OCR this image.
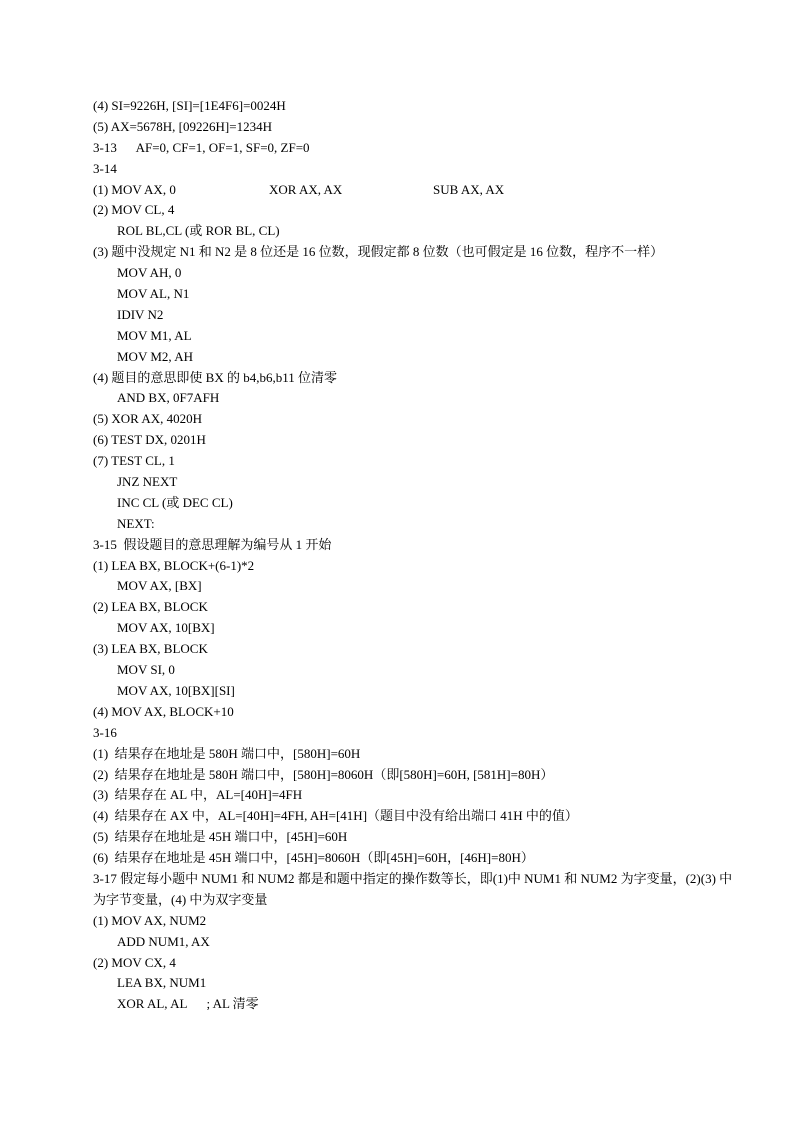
(4) SI=9226H, [SI]=[1E4F6]=0024H
(5) AX=5678H, [09226H]=1234H
3-13      AF=0, CF=1, OF=1, SF=0, ZF=0
3-14
(1) MOV AX, 0	XOR AX, AX	SUB AX, AX
(2) MOV CL, 4
ROL BL,CL (或 ROR BL, CL)
(3) 题中没规定 N1 和 N2 是 8 位还是 16 位数，现假定都 8 位数（也可假定是 16 位数，程序不一样）
MOV AH, 0
MOV AL, N1
IDIV N2
MOV M1, AL
MOV M2, AH
(4) 题目的意思即使 BX 的 b4,b6,b11 位清零
AND BX, 0F7AFH
(5) XOR AX, 4020H
(6) TEST DX, 0201H
(7) TEST CL, 1
JNZ NEXT
INC CL (或 DEC CL)
NEXT:
3-15  假设题目的意思理解为编号从 1 开始
(1) LEA BX, BLOCK+(6-1)*2
MOV AX, [BX]
(2) LEA BX, BLOCK
MOV AX, 10[BX]
(3) LEA BX, BLOCK
MOV SI, 0
MOV AX, 10[BX][SI]
(4) MOV AX, BLOCK+10
3-16
(1)  结果存在地址是 580H 端口中，[580H]=60H
(2)  结果存在地址是 580H 端口中，[580H]=8060H（即[580H]=60H, [581H]=80H）
(3)  结果存在 AL 中，AL=[40H]=4FH
(4)  结果存在 AX 中，AL=[40H]=4FH, AH=[41H]（题目中没有给出端口 41H 中的值）
(5)  结果存在地址是 45H 端口中，[45H]=60H
(6)  结果存在地址是 45H 端口中，[45H]=8060H（即[45H]=60H，[46H]=80H）
3-17 假定每小题中 NUM1 和 NUM2 都是和题中指定的操作数等长，即(1)中 NUM1 和 NUM2 为字变量，(2)(3) 中为字节变量，(4) 中为双字变量
(1) MOV AX, NUM2
ADD NUM1, AX
(2) MOV CX, 4
LEA BX, NUM1
XOR AL, AL      ; AL 清零
